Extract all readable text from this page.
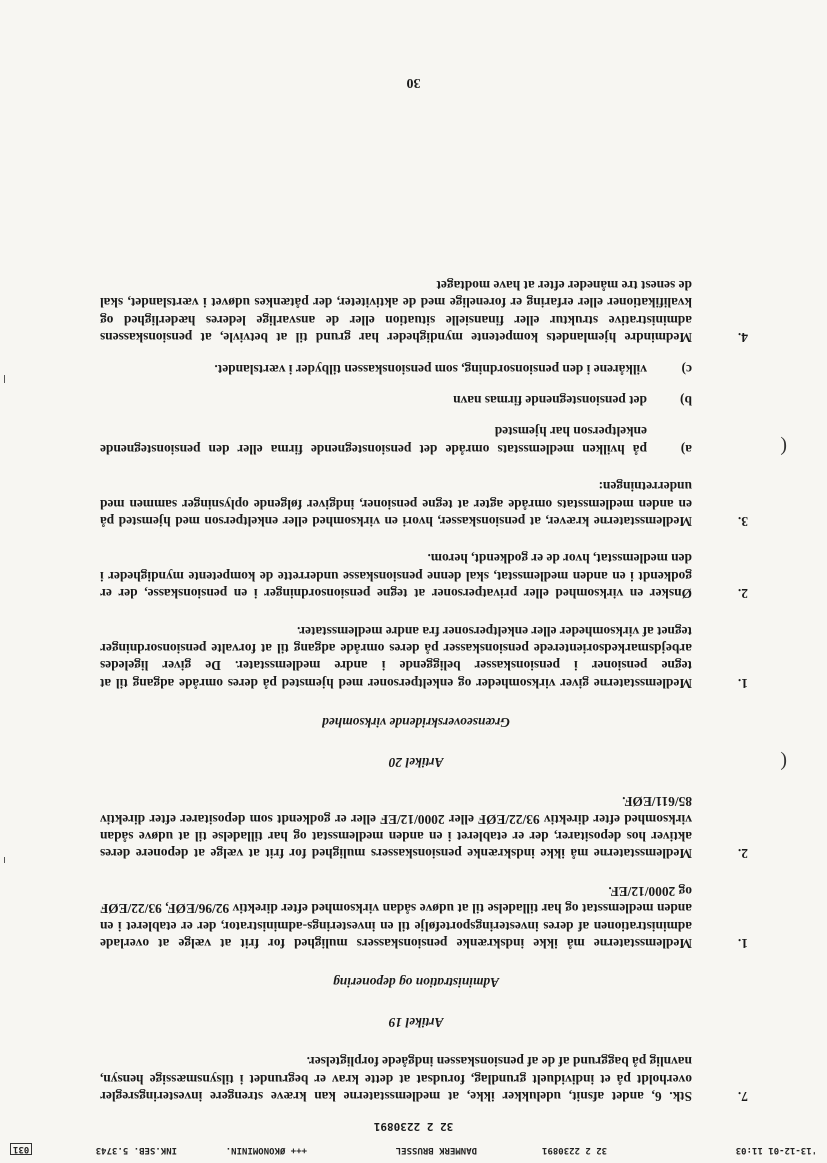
'13-12-01 11:03
32 2 2230891
DANMERK BRUSSEL
+++ ØKONOMININ.
INK.SEB. 5.3743
031
32 2 2230891
7.
Stk. 6, andet afsnit, udelukker ikke, at medlemsstaterne kan kræve strengere investeringsregler overholdt på et individuelt grundlag, forudsat at dette krav er begrundet i tilsynsmæssige hensyn, navnlig på baggrund af de af pensionskassen indgåede forpligtelser.
Artikel 19
Administration og deponering
1.
Medlemsstaterne må ikke indskrænke pensionskassers mulighed for frit at vælge at overlade administrationen af deres investeringsportefølje til en investerings-administrator, der er etableret i en anden medlemsstat og har tilladelse til at udøve sådan virksomhed efter direktiv 92/96/EØF, 93/22/EØF og 2000/12/EF.
2.
Medlemsstaterne må ikke indskrænke pensionskassers mulighed for frit at vælge at deponere deres aktiver hos depositarer, der er etableret i en anden medlemsstat og har tilladelse til at udøve sådan virksomhed efter direktiv 93/22/EØF eller 2000/12/EF eller er godkendt som depositarer efter direktiv 85/611/EØF.
Artikel 20
Grænseoverskridende virksomhed
1.
Medlemsstaterne giver virksomheder og enkeltpersoner med hjemsted på deres område adgang til at tegne pensioner i pensionskasser beliggende i andre medlemsstater. De giver ligeledes arbejdsmarkedsorienterede pensionskasser på deres område adgang til at forvalte pensionsordninger tegnet af virksomheder eller enkeltpersoner fra andre medlemsstater.
2.
Ønsker en virksomhed eller privatpersoner at tegne pensionsordninger i en pensionskasse, der er godkendt i en anden medlemsstat, skal denne pensionskasse underrette de kompetente myndigheder i den medlemsstat, hvor de er godkendt, herom.
3.
Medlemsstaterne kræver, at pensionskasser, hvori en virksomhed eller enkeltperson med hjemsted på en anden medlemsstats område agter at tegne pensioner, indgiver følgende oplysninger sammen med underretningen:
a)
på hvilken medlemsstats område det pensionstegnende firma eller den pensionstegnende enkeltperson har hjemsted
b)
det pensionstegnende firmas navn
c)
vilkårene i den pensionsordning, som pensionskassen tilbyder i værtslandet.
4.
Medmindre hjemlandets kompetente myndigheder har grund til at betvivle, at pensionskassens administrative struktur eller finansielle situation eller de ansvarlige lederes hæderlighed og kvalifikationer eller erfaring er forenelige med de aktiviteter, der påtænkes udøvet i værtslandet, skal de senest tre måneder efter at have modtaget
(
(
30
